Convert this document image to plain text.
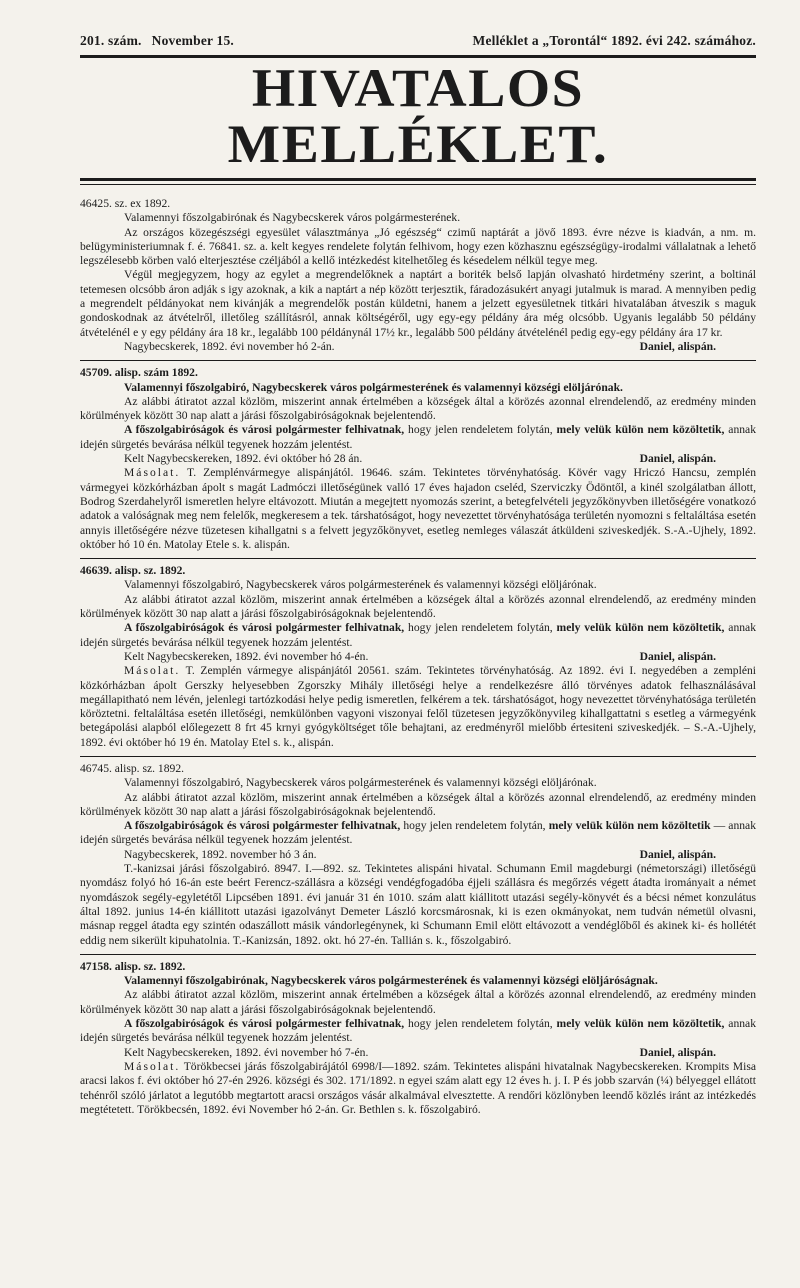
201. szám. November 15.	Melléklet a „Torontál“ 1892. évi 242. számához.
HIVATALOS MELLÉKLET.

46425. sz. ex 1892.

Valamennyi főszolgabirónak és Nagybecskerek város polgármesterének.

Az országos közegészségi egyesület választmánya „Jó egészség“ czimű naptárát a jövő 1893. évre nézve is kiadván, a nm. m. belügyministeriumnak f. é. 76841. sz. a. kelt kegyes rendelete folytán felhivom, hogy ezen közhasznu egészségügy-irodalmi vállalatnak a lehető legszélesebb körben való elterjesztése czéljából a kellő intézkedést kitelhetőleg és késedelem nélkül tegye meg.

Végül megjegyzem, hogy az egylet a megrendelőknek a naptárt a boriték belső lapján olvasható hirdetmény szerint, a boltinál tetemesen olcsóbb áron adják s igy azoknak, a kik a naptárt a nép között terjesztik, fáradozásukért anyagi jutalmuk is marad. A mennyiben pedig a megrendelt példányokat nem kivánják a megrendelők postán küldetni, hanem a jelzett egyesületnek titkári hivatalában átveszik s maguk gondoskodnak az átvételről, illetőleg szállításról, annak költségéről, ugy egy-egy példány ára még olcsóbb. Ugyanis legalább 50 példány átvételénél e y egy példány ára 18 kr., legalább 100 példánynál 17½ kr., legalább 500 példány átvételénél pedig egy-egy példány ára 17 kr.

Nagybecskerek, 1892. évi november hó 2-án.	Daniel, alispán.

45709. alisp. szám 1892.

Valamennyi főszolgabiró, Nagybecskerek város polgármesterének és valamennyi községi elöljárónak.

Az alábbi átiratot azzal közlöm, miszerint annak értelmében a községek által a körözés azonnal elrendelendő, az eredmény minden körülmények között 30 nap alatt a járási főszolgabiróságoknak bejelentendő.

A főszolgabiróságok és városi polgármester felhivatnak, hogy jelen rendeletem folytán, mely velük külön nem közöltetik, annak idején sürgetés bevárása nélkül tegyenek hozzám jelentést.

Kelt Nagybecskereken, 1892. évi október hó 28 án.	Daniel, alispán.

Másolat. T. Zemplénvármegye alispánjától. 19646. szám. Tekintetes törvényhatóság. Kövér vagy Hriczó Hancsu, zemplén vármegyei közkórházban ápolt s magát Ladmóczi illetőségünek valló 17 éves hajadon cseléd, Szerviczky Ödöntől, a kinél szolgálatban állott, Bodrog Szerdahelyről ismeretlen helyre eltávozott. Miután a megejtett nyomozás szerint, a betegfelvételi jegyzőkönyvben illetőségére vonatkozó adatok a valóságnak meg nem felelők, megkeresem a tek. társhatóságot, hogy nevezettet törvényhatósága területén nyomozni s feltaláltása esetén annyis illetőségére nézve tüzetesen kihallgatni s a felvett jegyzőkönyvet, esetleg nemleges válaszát átküldeni sziveskedjék. S.-A.-Ujhely, 1892. október hó 10 én. Matolay Etele s. k. alispán.

46639. alisp. sz. 1892.

Valamennyi főszolgabiró, Nagybecskerek város polgármesterének és valamennyi községi elöljárónak.

Az alábbi átiratot azzal közlöm, miszerint annak értelmében a községek által a körözés azonnal elrendelendő, az eredmény minden körülmények között 30 nap alatt a járási főszolgabiróságoknak bejelentendő.

A főszolgabiróságok és városi polgármester felhivatnak, hogy jelen rendeletem folytán, mely velük külön nem közöltetik, annak idején sürgetés bevárása nélkül tegyenek hozzám jelentést.

Kelt Nagybecskereken, 1892. évi november hó 4-én.	Daniel, alispán.

Másolat. T. Zemplén vármegye alispánjától 20561. szám. Tekintetes törvényhatóság. Az 1892. évi I. negyedében a zempléni közkórházban ápolt Gerszky helyesebben Zgorszky Mihály illetőségi helye a rendelkezésre álló törvényes adatok felhasználásával megállapitható nem lévén, jelenlegi tartózkodási helye pedig ismeretlen, felkérem a tek. társhatóságot, hogy nevezettet törvényhatósága területén köröztetni. feltaláltása esetén illetőségi, nemkülönben vagyoni viszonyai felől tüzetesen jegyzőkönyvileg kihallgattatni s esetleg a vármegyénk betegápolási alapból előlegezett 8 frt 45 krnyi gyógyköltséget tőle behajtani, az eredményről mielőbb értesiteni sziveskedjék. – S.-A.-Ujhely, 1892. évi október hó 19 én. Matolay Etel s. k., alispán.

46745. alisp. sz. 1892.

Valamennyi főszolgabiró, Nagybecskerek város polgármesterének és valamennyi községi elöljárónak.

Az alábbi átiratot azzal közlöm, miszerint annak értelmében a községek által a körözés azonnal elrendelendő, az eredmény minden körülmények között 30 nap alatt a járási főszolgabiróságoknak bejelentendő.

A főszolgabiróságok és városi polgármester felhivatnak, hogy jelen rendeletem folytán, mely velük külön nem közöltetik — annak idején sürgetés bevárása nélkül tegyenek hozzám jelentést.

Nagybecskerek, 1892. november hó 3 án.	Daniel, alispán.

T.-kanizsai járási főszolgabiró. 8947. I.—892. sz. Tekintetes alispáni hivatal. Schumann Emil magdeburgi (németországi) illetőségü nyomdász folyó hó 16-án este beért Ferencz-szállásra a községi vendégfogadóba éjjeli szállásra és megőrzés végett átadta irományait a német nyomdászok segély-egyletétől Lipcsében 1891. évi január 31 én 1010. szám alatt kiállitott utazási segély-könyvét és a bécsi német konzulátus által 1892. junius 14-én kiállitott utazási igazolványt Demeter László korcsmárosnak, ki is ezen okmányokat, nem tudván németül olvasni, másnap reggel átadta egy szintén odaszállott másik vándorlegénynek, ki Schumann Emil elött eltávozott a vendéglőből és akinek ki- és hollétét eddig nem sikerült kipuhatolnia. T.-Kanizsán, 1892. okt. hó 27-én. Tallián s. k., főszolgabiró.

47158. alisp. sz. 1892.

Valamennyi főszolgabirónak, Nagybecskerek város polgármesterének és valamennyi községi elöljáróságnak.

Az alábbi átiratot azzal közlöm, miszerint annak értelmében a községek által a körözés azonnal elrendelendő, az eredmény minden körülmények között 30 nap alatt a járási főszolgabiróságoknak bejelentendő.

A főszolgabiróságok és városi polgármester felhivatnak, hogy jelen rendeletem folytán, mely velük külön nem közöltetik, annak idején sürgetés bevárása nélkül tegyenek hozzám jelentést.

Kelt Nagybecskereken, 1892. évi november hó 7-én.	Daniel, alispán.

Másolat. Törökbecsei járás főszolgabirájától 6998/I—1892. szám. Tekintetes alispáni hivatalnak Nagybecskereken. Krompits Misa aracsi lakos f. évi október hó 27-én 2926. községi és 302. 171/1892. n egyei szám alatt egy 12 éves h. j. I. P és jobb szarván (¼) bélyeggel ellátott tehénről szóló járlatot a legutóbb megtartott aracsi országos vásár alkalmával elvesztette. A rendőri közlönyben leendő közlés iránt az intézkedés megtétetett. Törökbecsén, 1892. évi November hó 2-án. Gr. Bethlen s. k. főszolgabiró.
